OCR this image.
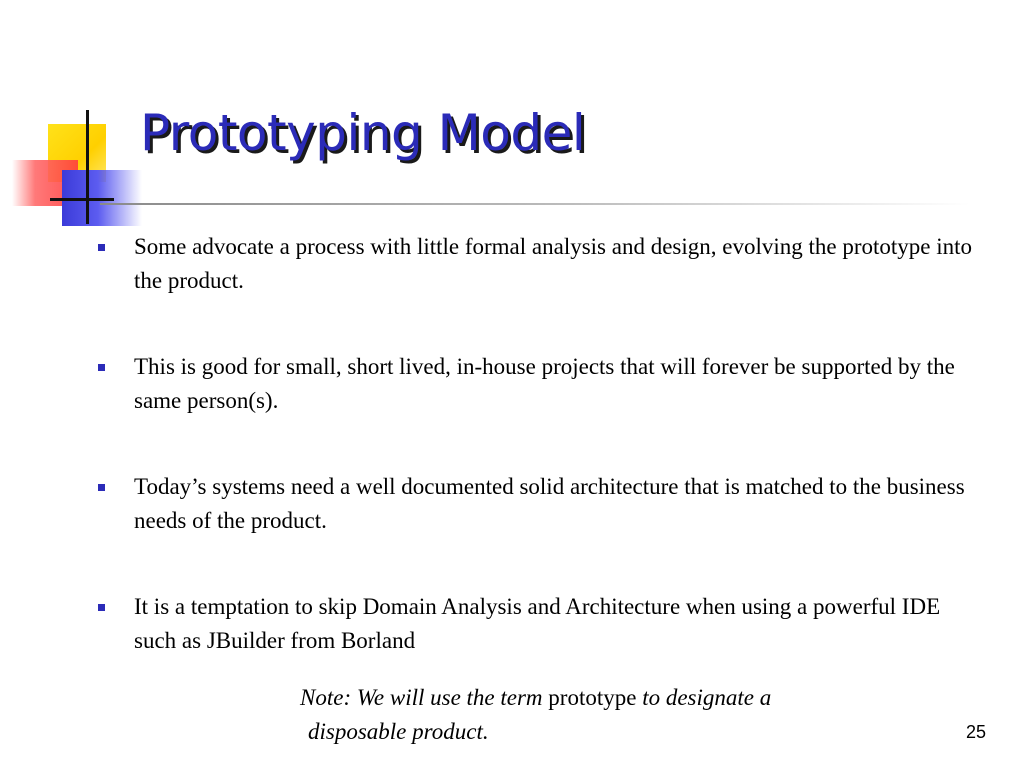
Prototyping Model
Some advocate a process with little formal analysis and design, evolving the prototype into the product.
This is good for small, short lived, in-house projects that will forever be supported by the same person(s).
Today’s systems need a well documented solid architecture that is matched to the business needs of the product.
It is a temptation to skip Domain Analysis and Architecture when using a powerful IDE such as JBuilder from Borland
Note: We will use the term prototype to designate a
disposable product.	25
